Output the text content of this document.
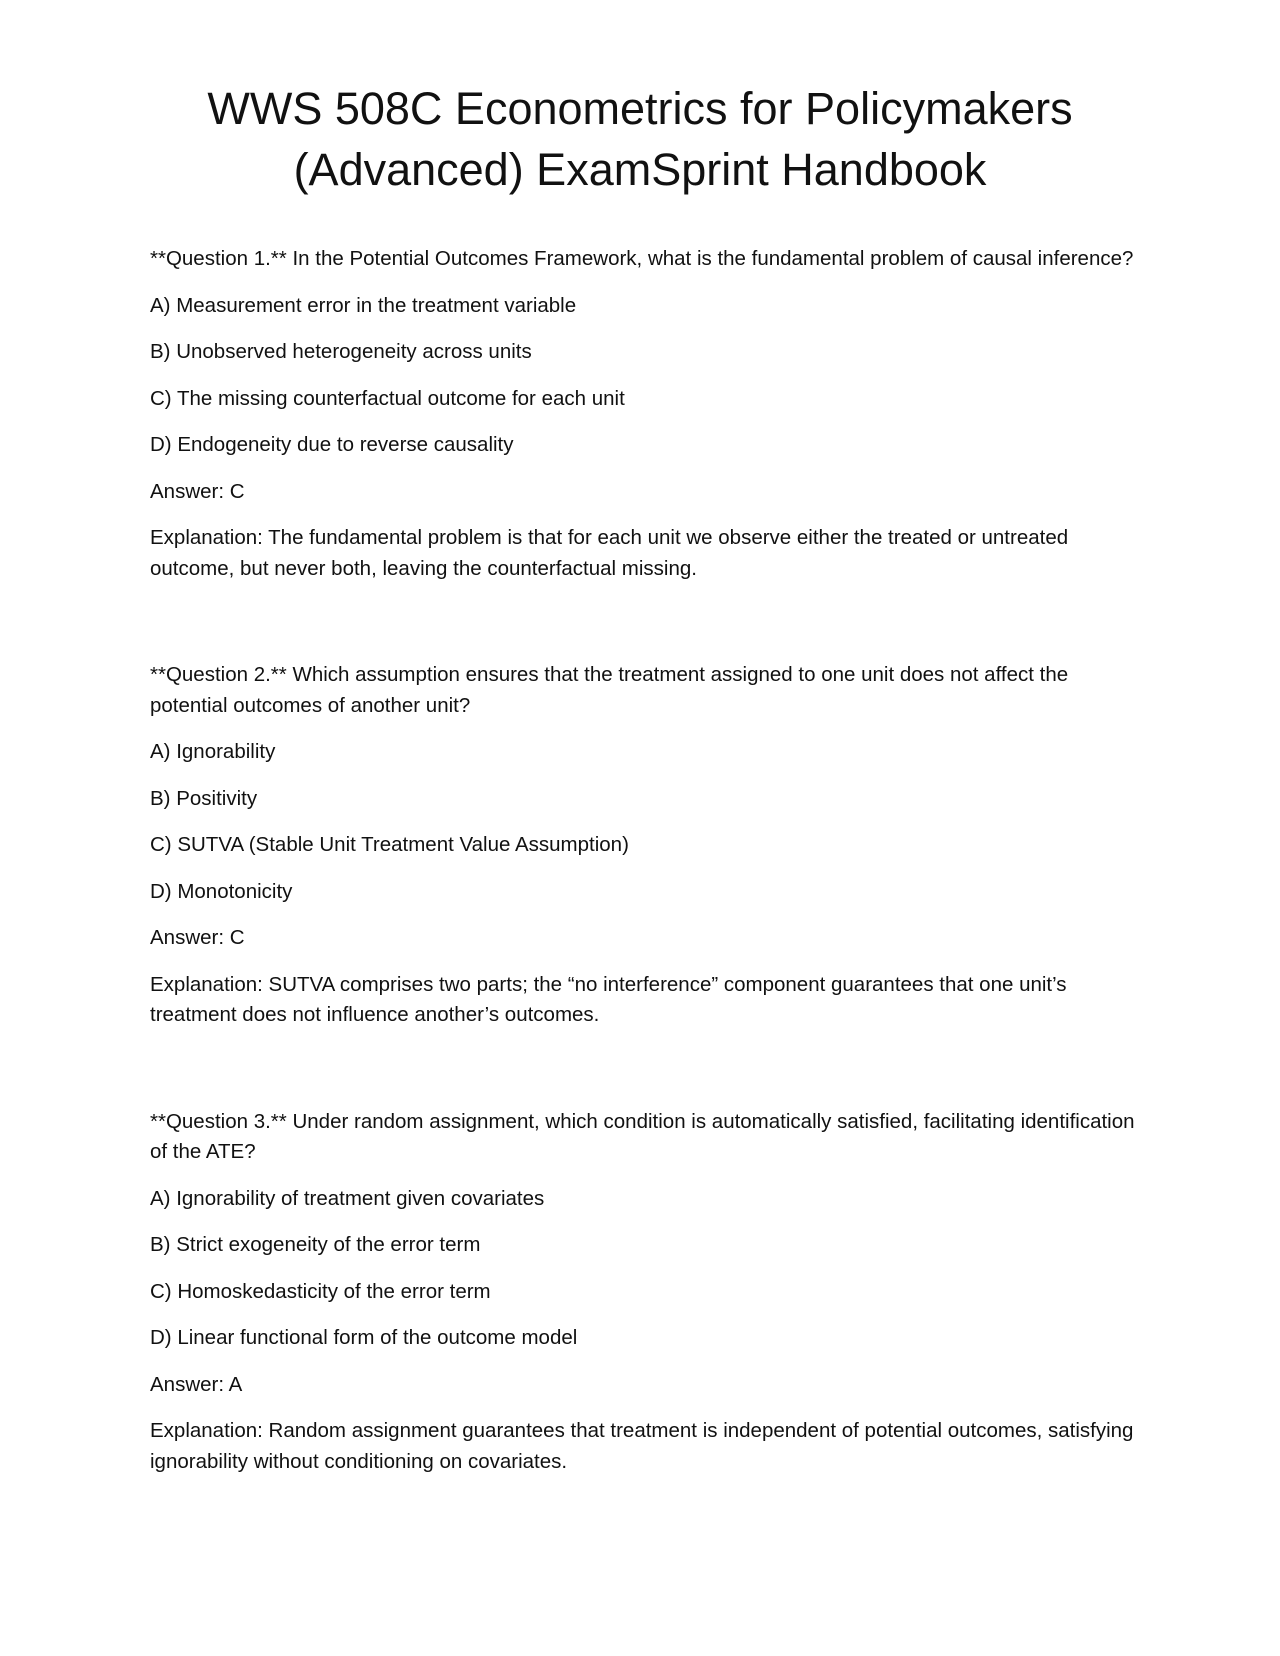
WWS 508C Econometrics for Policymakers
(Advanced) ExamSprint Handbook

**Question 1.** In the Potential Outcomes Framework, what is the fundamental problem of causal inference?

A) Measurement error in the treatment variable

B) Unobserved heterogeneity across units

C) The missing counterfactual outcome for each unit

D) Endogeneity due to reverse causality

Answer: C

Explanation: The fundamental problem is that for each unit we observe either the treated or untreated outcome, but never both, leaving the counterfactual missing.

**Question 2.** Which assumption ensures that the treatment assigned to one unit does not affect the potential outcomes of another unit?

A) Ignorability

B) Positivity

C) SUTVA (Stable Unit Treatment Value Assumption)

D) Monotonicity

Answer: C

Explanation: SUTVA comprises two parts; the “no interference” component guarantees that one unit’s treatment does not influence another’s outcomes.

**Question 3.** Under random assignment, which condition is automatically satisfied, facilitating identification of the ATE?

A) Ignorability of treatment given covariates

B) Strict exogeneity of the error term

C) Homoskedasticity of the error term

D) Linear functional form of the outcome model

Answer: A

Explanation: Random assignment guarantees that treatment is independent of potential outcomes, satisfying ignorability without conditioning on covariates.
